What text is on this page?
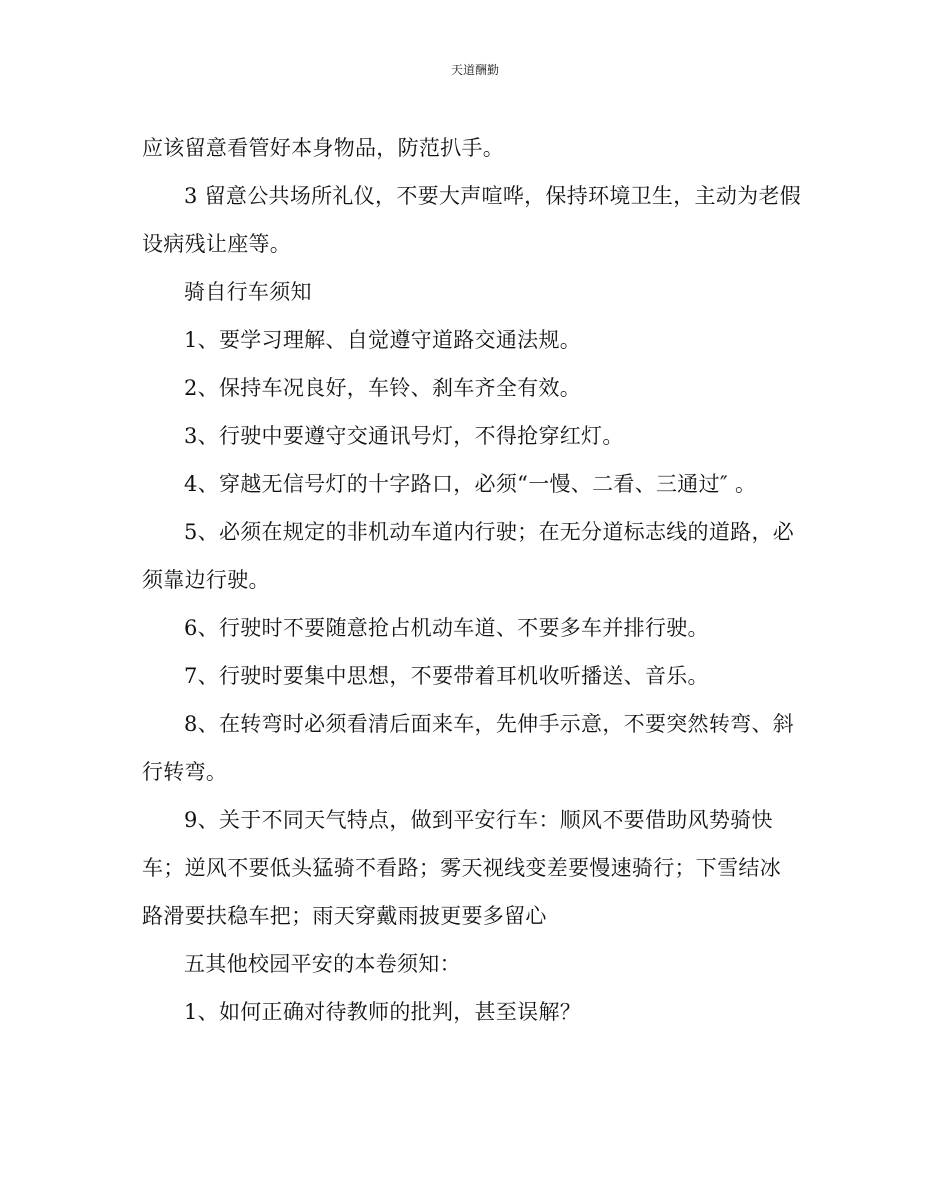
天道酬勤
应该留意看管好本身物品，防范扒手。
3 留意公共场所礼仪，不要大声喧哗，保持环境卫生，主动为老假
设病残让座等。
骑自行车须知
1、要学习理解、自觉遵守道路交通法规。
2、保持车况良好，车铃、刹车齐全有效。
3、行驶中要遵守交通讯号灯，不得抢穿红灯。
4、穿越无信号灯的十字路口，必须“一慢、二看、三通过″ 。
5、必须在规定的非机动车道内行驶；在无分道标志线的道路，必
须靠边行驶。
6、行驶时不要随意抢占机动车道、不要多车并排行驶。
7、行驶时要集中思想，不要带着耳机收听播送、音乐。
8、在转弯时必须看清后面来车，先伸手示意，不要突然转弯、斜
行转弯。
9、关于不同天气特点，做到平安行车：顺风不要借助风势骑快
车；逆风不要低头猛骑不看路；雾天视线变差要慢速骑行；下雪结冰
路滑要扶稳车把；雨天穿戴雨披更要多留心
五其他校园平安的本卷须知：
1、如何正确对待教师的批判，甚至误解？
